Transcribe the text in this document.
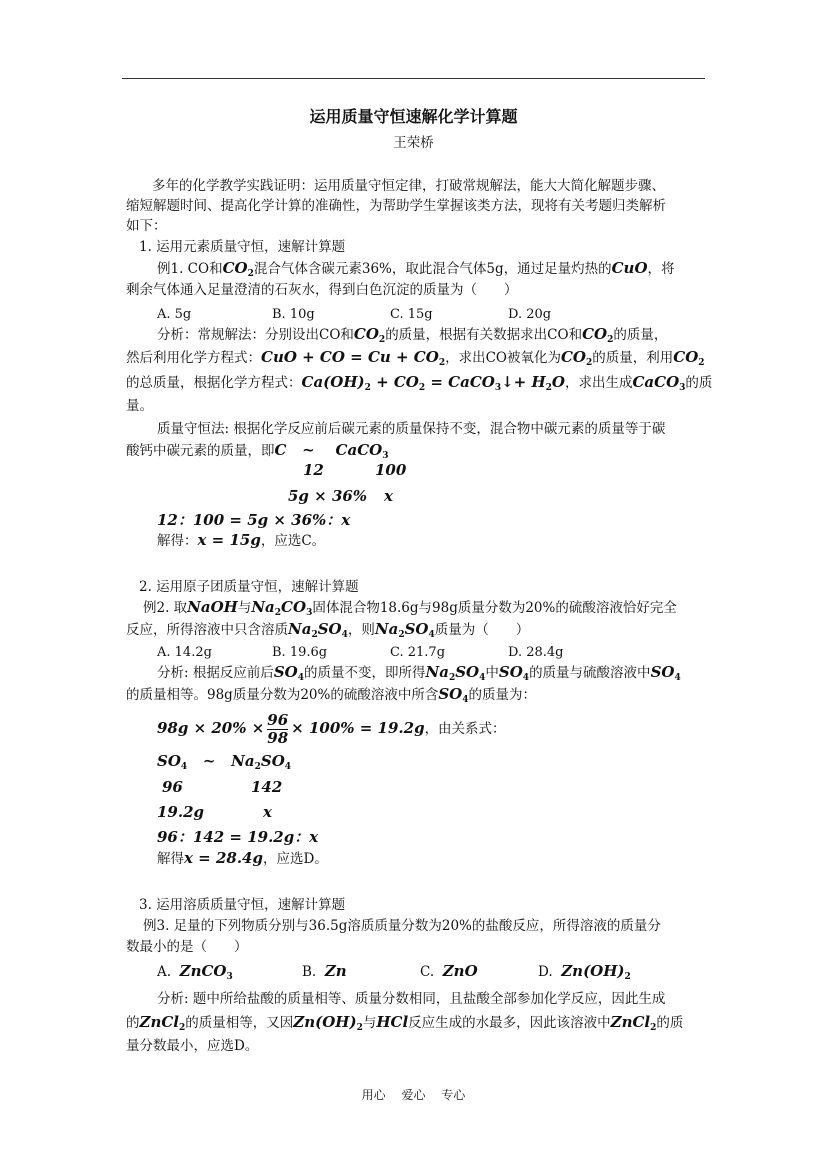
运用质量守恒速解化学计算题
王荣桥
多年的化学教学实践证明：运用质量守恒定律，打破常规解法，能大大简化解题步骤、
缩短解题时间、提高化学计算的准确性，为帮助学生掌握该类方法，现将有关考题归类解析
如下：
1. 运用元素质量守恒，速解计算题
例1. CO和$CO_2$混合气体含碳元素36%，取此混合气体5g，通过足量灼热的CuO，将
剩余气体通入足量澄清的石灰水，得到白色沉淀的质量为（　　）
A. 5g	B. 10g	C. 15g	D. 20g
分析：常规解法：分别设出CO和$CO_2$的质量，根据有关数据求出CO和$CO_2$的质量，
然后利用化学方程式：CuO + CO = $Cu + CO_2$，求出CO被氧化为$CO_2$的质量，利用$CO_2$
的总质量，根据化学方程式：$Ca(OH)_2 + CO_2$ = CaCO$_3$↓+ $H_2O$，求出生成CaCO$_3$的质
量。
质量守恒法: 根据化学反应前后碳元素的质量保持不变，混合物中碳元素的质量等于碳
酸钙中碳元素的质量，即C   ~    CaCO$_3$
12	100
5g × 36% x
12：100 = 5g × 36%：x
解得：x = 15g，应选C。
2. 运用原子团质量守恒，速解计算题
例2. 取NaOH与$Na_2CO_3$固体混合物18.6g与98g质量分数为20%的硫酸溶液恰好完全
反应，所得溶液中只含溶质$Na_2SO_4$，则$Na_2SO_4$质量为（　　）
A. 14.2g	B. 19.6g	C. 21.7g	D. 28.4g
分析: 根据反应前后$SO_4$的质量不变，即所得$Na_2SO_4$中$SO_4$的质量与硫酸溶液中$SO_4$
的质量相等。98g质量分数为20%的硫酸溶液中所含$SO_4$的质量为：
$98g \times 20\% \times \frac{96}{98} \times 100\% = 19.2g$，由关系式：
$SO_4$ ~ $Na_2SO_4$
96	142
19.2g	x
96：142 = 19.2g：x
解得x = 28.4g，应选D。
3. 运用溶质质量守恒，速解计算题
例3. 足量的下列物质分别与36.5g溶质质量分数为20%的盐酸反应，所得溶液的质量分
数最小的是（　　）
A. ZnCO$_3$	B. Zn	C. ZnO	D. $Zn(OH)_2$
分析: 题中所给盐酸的质量相等、质量分数相同，且盐酸全部参加化学反应，因此生成
的ZnCl$_2$的质量相等，又因$Zn(OH)_2$与HCl反应生成的水最多，因此该溶液中ZnCl$_2$的质
量分数最小，应选D。
用心　 爱心　 专心
